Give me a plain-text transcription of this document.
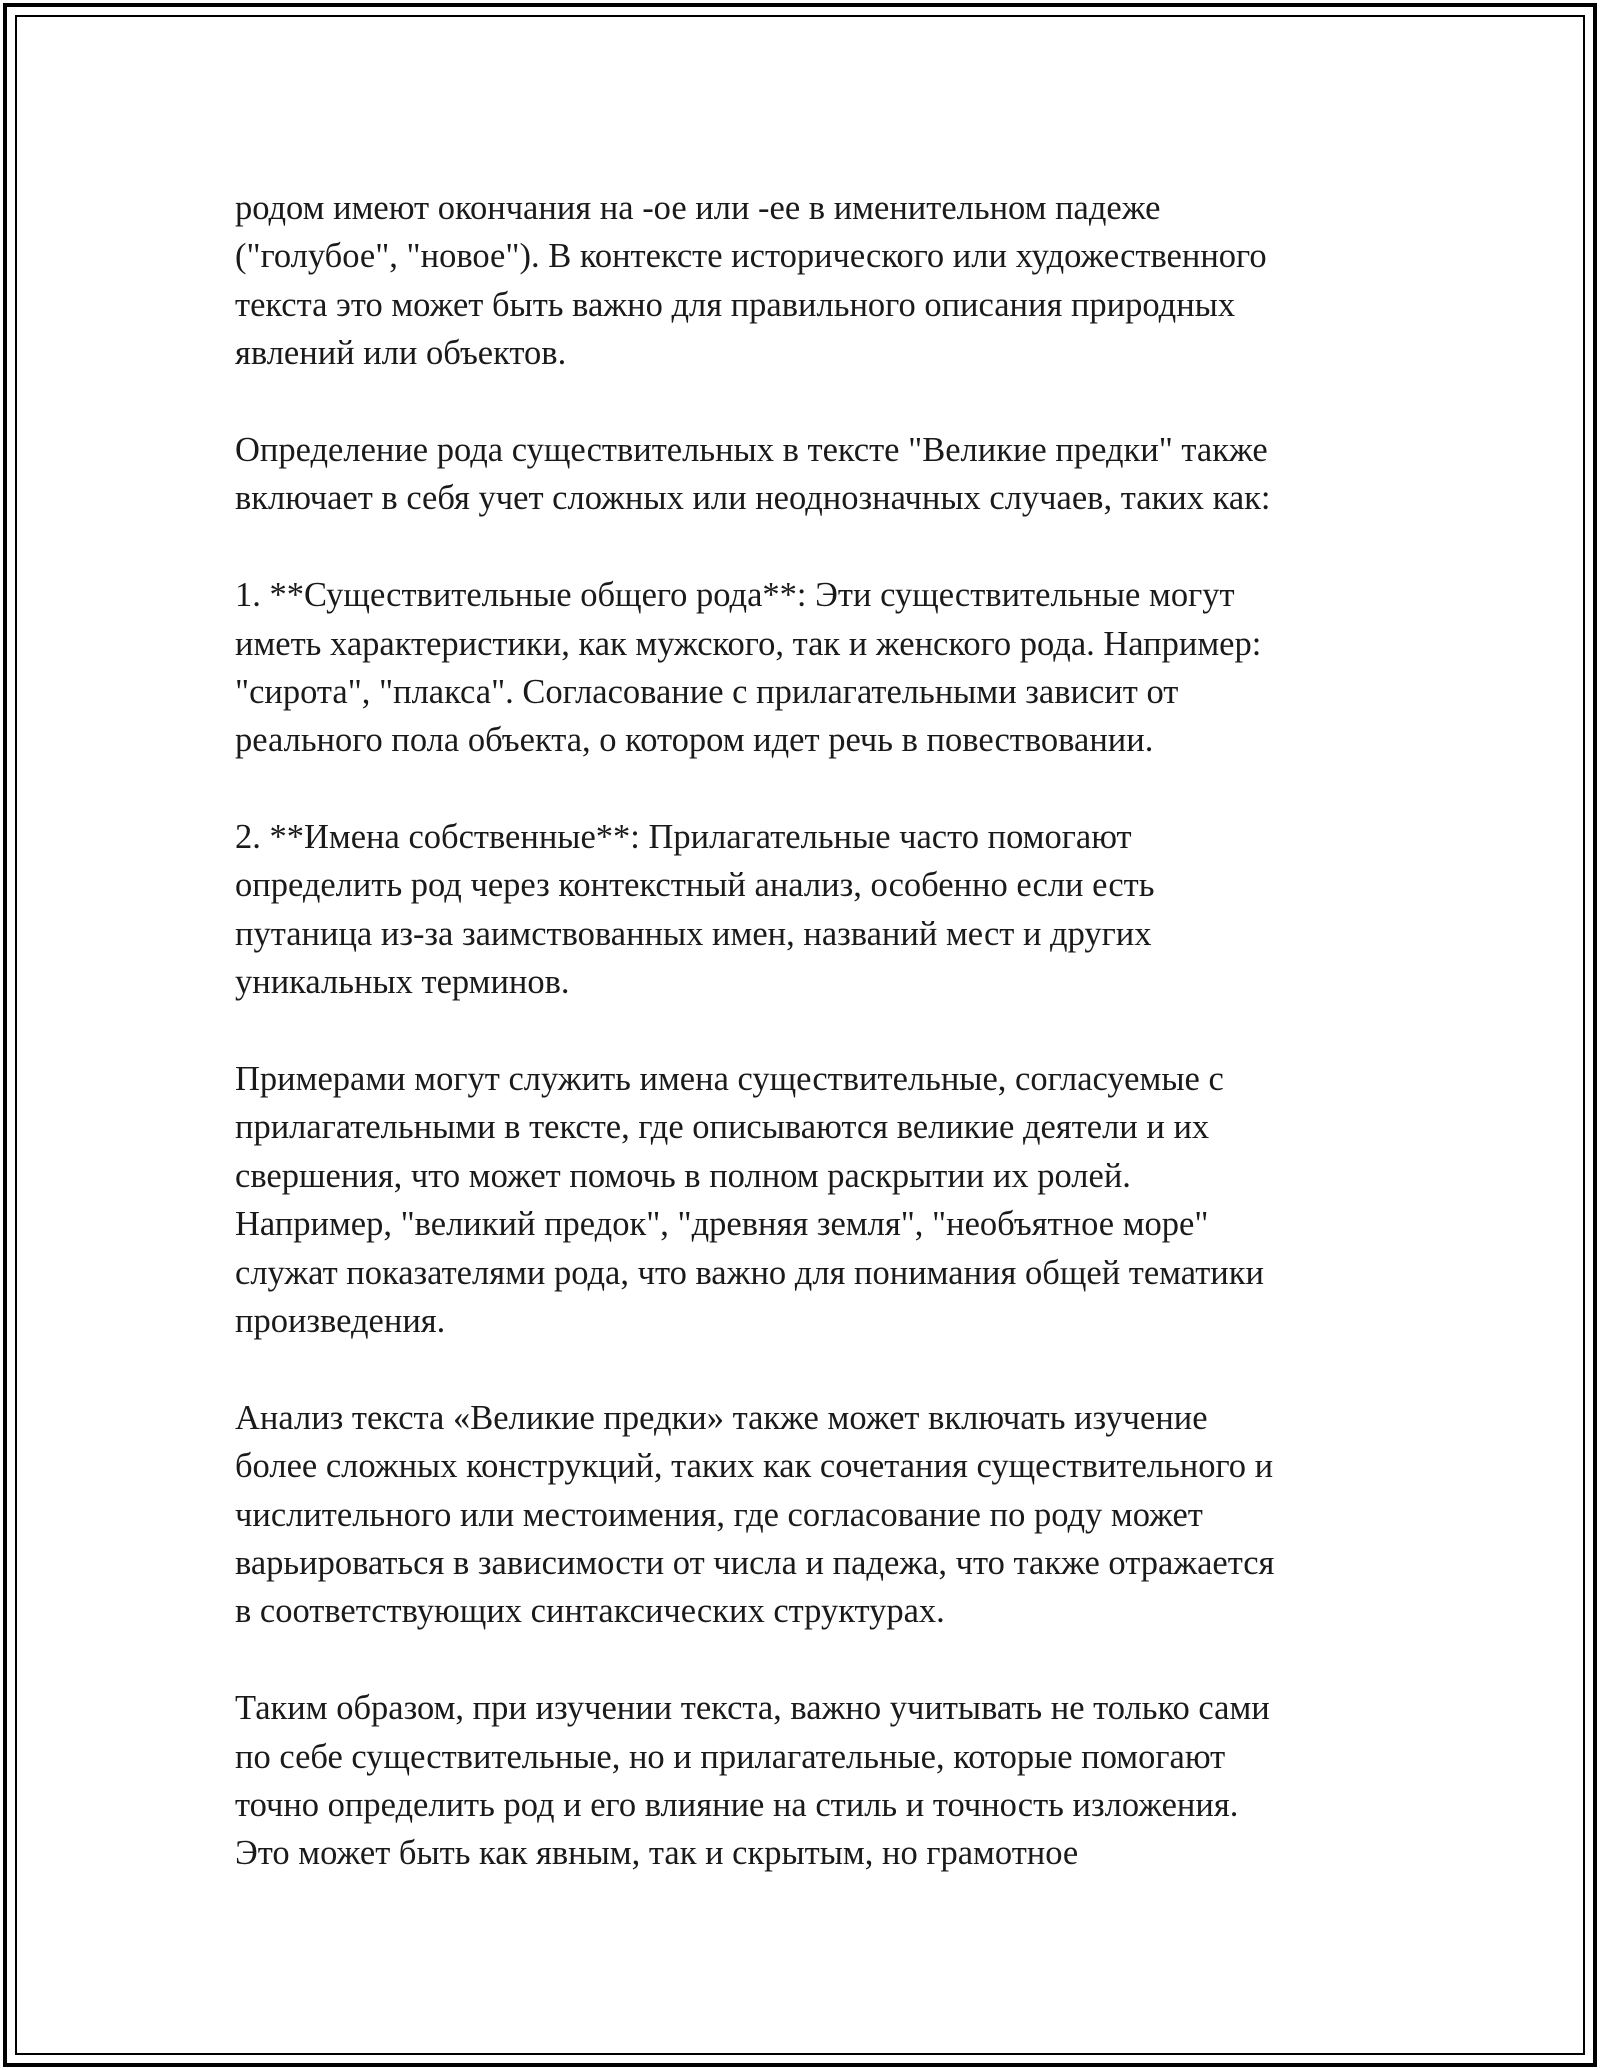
родом имеют окончания на -ое или -ее в именительном падеже
("голубое", "новое"). В контексте исторического или художественного
текста это может быть важно для правильного описания природных
явлений или объектов.

Определение рода существительных в тексте "Великие предки" также
включает в себя учет сложных или неоднозначных случаев, таких как:

1. **Существительные общего рода**: Эти существительные могут
иметь характеристики, как мужского, так и женского рода. Например:
"сирота", "плакса". Согласование с прилагательными зависит от
реального пола объекта, о котором идет речь в повествовании.

2. **Имена собственные**: Прилагательные часто помогают
определить род через контекстный анализ, особенно если есть
путаница из-за заимствованных имен, названий мест и других
уникальных терминов.

Примерами могут служить имена существительные, согласуемые с
прилагательными в тексте, где описываются великие деятели и их
свершения, что может помочь в полном раскрытии их ролей.
Например, "великий предок", "древняя земля", "необъятное море"
служат показателями рода, что важно для понимания общей тематики
произведения.

Анализ текста «Великие предки» также может включать изучение
более сложных конструкций, таких как сочетания существительного и
числительного или местоимения, где согласование по роду может
варьироваться в зависимости от числа и падежа, что также отражается
в соответствующих синтаксических структурах.

Таким образом, при изучении текста, важно учитывать не только сами
по себе существительные, но и прилагательные, которые помогают
точно определить род и его влияние на стиль и точность изложения.
Это может быть как явным, так и скрытым, но грамотное
